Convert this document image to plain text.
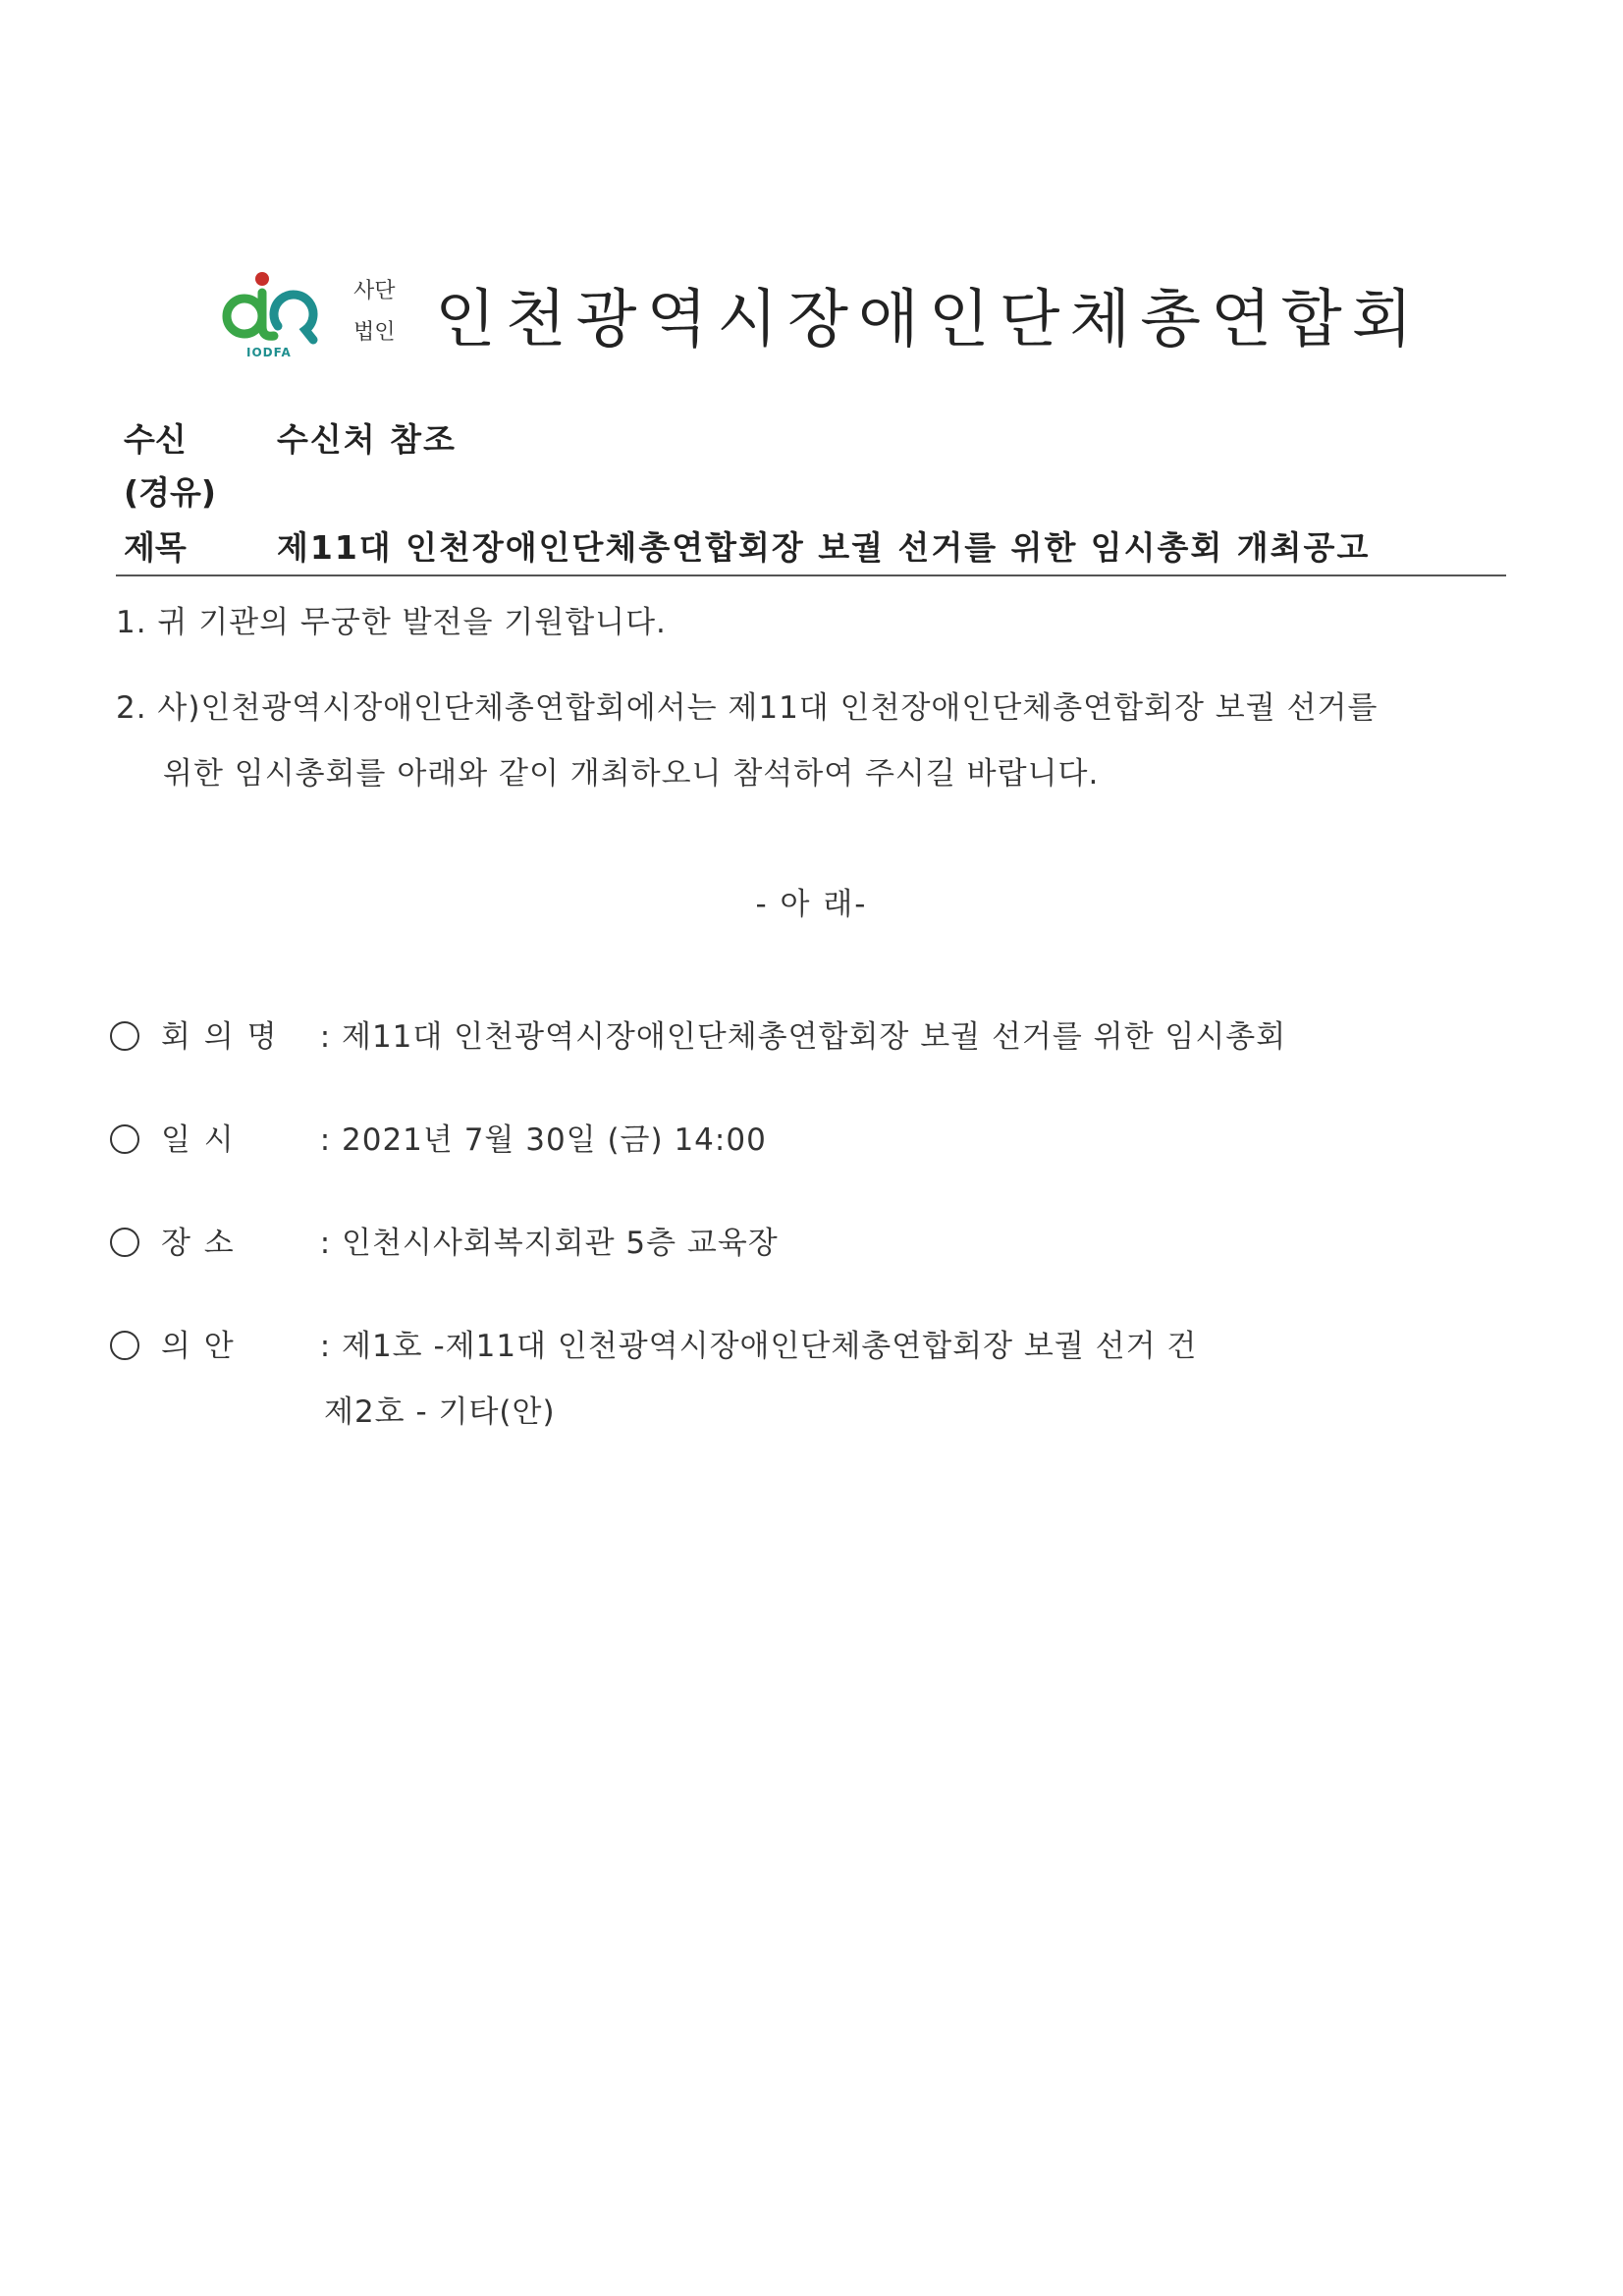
IODFA
사단
법인 인천광역시장애인단체총연합회
수신	수신처 참조
(경유)
제목	제11대 인천장애인단체총연합회장 보궐 선거를 위한 임시총회 개최공고
1. 귀 기관의 무궁한 발전을 기원합니다.
2. 사)인천광역시장애인단체총연합회에서는 제11대 인천장애인단체총연합회장 보궐 선거를
위한 임시총회를 아래와 같이 개최하오니 참석하여 주시길 바랍니다.
- 아 래-
회 의 명 : 제11대 인천광역시장애인단체총연합회장 보궐 선거를 위한 임시총회
일 시	: 2021년 7월 30일 (금) 14:00
장 소	: 인천시사회복지회관 5층 교육장
의 안	: 제1호 -제11대 인천광역시장애인단체총연합회장 보궐 선거 건
제2호 - 기타(안)
